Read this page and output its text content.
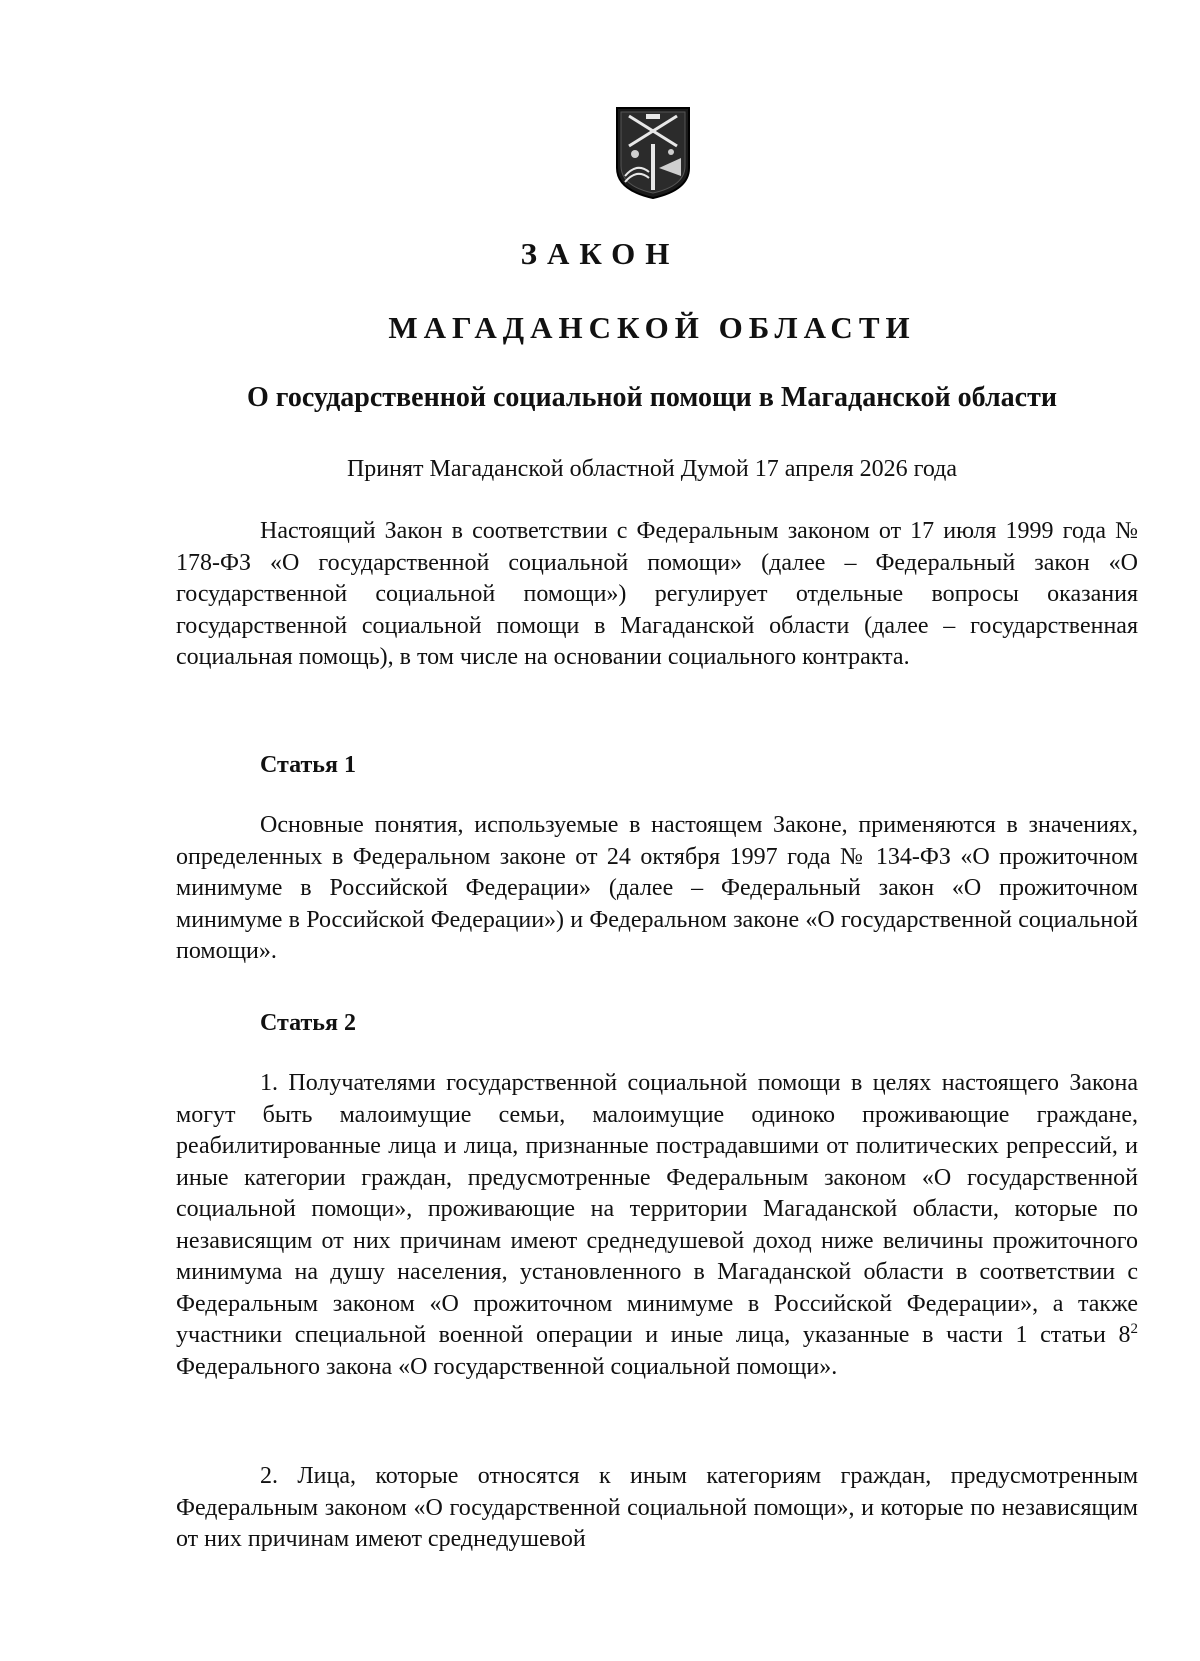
ЗАКОН
МАГАДАНСКОЙ ОБЛАСТИ
О государственной социальной помощи в Магаданской области

Принят Магаданской областной Думой 17 апреля 2026 года

Настоящий Закон в соответствии с Федеральным законом от 17 июля 1999 года № 178-ФЗ «О государственной социальной помощи» (далее – Федеральный закон «О государственной социальной помощи») регулирует отдельные вопросы оказания государственной социальной помощи в Магаданской области (далее – государственная социальная помощь), в том числе на основании социального контракта.

Статья 1

Основные понятия, используемые в настоящем Законе, применяются в значениях, определенных в Федеральном законе от 24 октября 1997 года № 134-ФЗ «О прожиточном минимуме в Российской Федерации» (далее – Федеральный закон «О прожиточном минимуме в Российской Федерации») и Федеральном законе «О государственной социальной помощи».

Статья 2

1. Получателями государственной социальной помощи в целях настоящего Закона могут быть малоимущие семьи, малоимущие одиноко проживающие граждане, реабилитированные лица и лица, признанные пострадавшими от политических репрессий, и иные категории граждан, предусмотренные Федеральным законом «О государственной социальной помощи», проживающие на территории Магаданской области, которые по независящим от них причинам имеют среднедушевой доход ниже величины прожиточного минимума на душу населения, установленного в Магаданской области в соответствии с Федеральным законом «О прожиточном минимуме в Российской Федерации», а также участники специальной военной операции и иные лица, указанные в части 1 статьи $8^2$ Федерального закона «О государственной социальной помощи».

2. Лица, которые относятся к иным категориям граждан, предусмотренным Федеральным законом «О государственной социальной помощи», и которые по независящим от них причинам имеют среднедушевой
